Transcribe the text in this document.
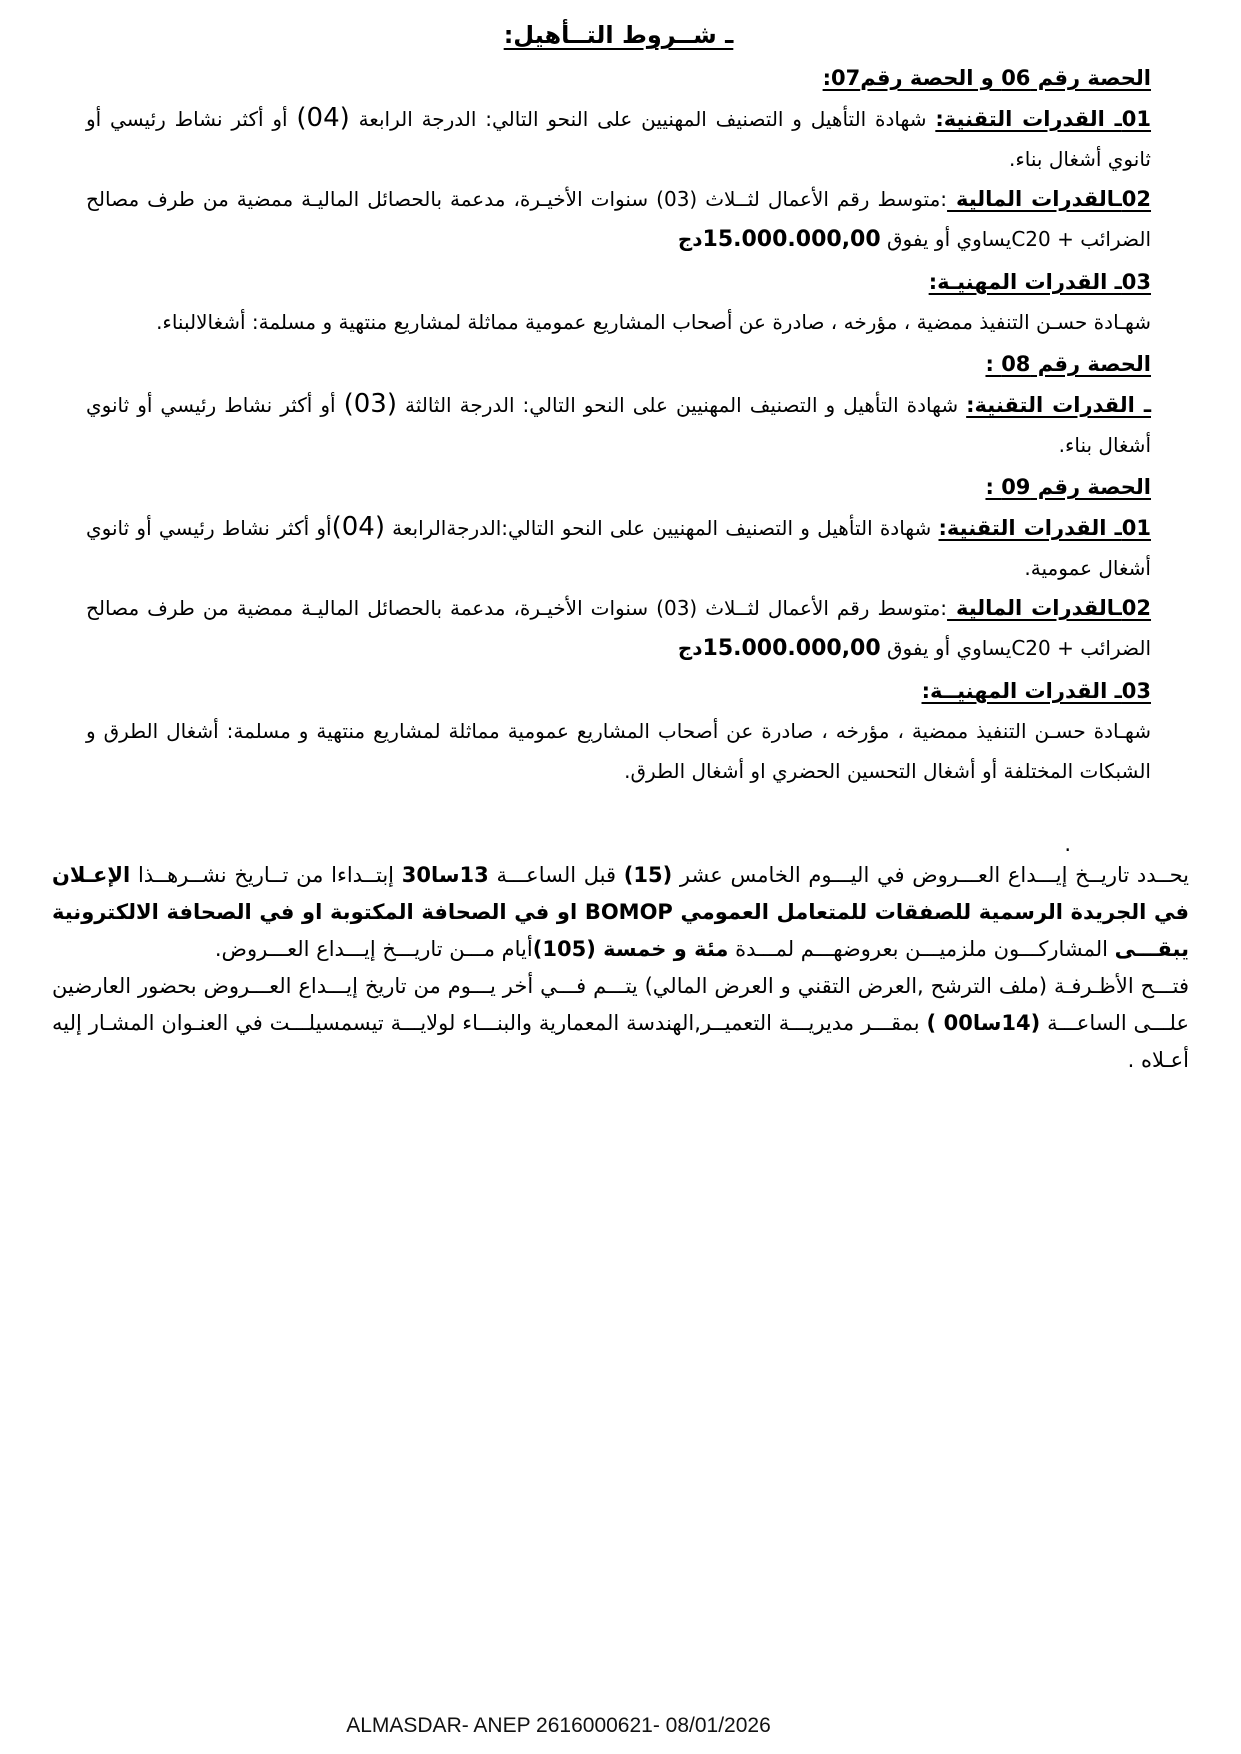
ـ شــروط التــأهيل:
الحصة رقم 06 و الحصة رقم07:
01ـ القدرات التقنية: شهادة التأهيل و التصنيف المهنيين على النحو التالي: الدرجة الرابعة (04) أو أكثر نشاط رئيسي أو ثانوي أشغال بناء.
02ـالقدرات المالية :متوسط رقم الأعمال لثــلاث (03) سنوات الأخيـرة، مدعمة بالحصائل الماليـة ممضية من طرف مصالح الضرائب + C20يساوي أو يفوق 15.000.000,00دج
03ـ القدرات المهنيـة:
شهـادة حسـن التنفيذ ممضية ، مؤرخه ، صادرة عن أصحاب المشاريع عمومية مماثلة لمشاريع منتهية و مسلمة: أشغالالبناء.
الحصة رقم 08 :
ـ القدرات التقنية: شهادة التأهيل و التصنيف المهنيين على النحو التالي: الدرجة الثالثة (03) أو أكثر نشاط رئيسي أو ثانوي أشغال بناء.
الحصة رقم 09 :
01ـ القدرات التقنية: شهادة التأهيل و التصنيف المهنيين على النحو التالي:الدرجةالرابعة (04)أو أكثر نشاط رئيسي أو ثانوي أشغال عمومية.
02ـالقدرات المالية :متوسط رقم الأعمال لثــلاث (03) سنوات الأخيـرة، مدعمة بالحصائل الماليـة ممضية من طرف مصالح الضرائب + C20يساوي أو يفوق 15.000.000,00دج
03ـ القدرات المهنيــة:
شهـادة حسـن التنفيذ ممضية ، مؤرخه ، صادرة عن أصحاب المشاريع عمومية مماثلة لمشاريع منتهية و مسلمة: أشغال الطرق و الشبكات المختلفة أو أشغال التحسين الحضري او أشغال الطرق.
.

يحــدد تاريــخ إيـــداع العـــروض في اليـــوم الخامس عشر (15) قبل الساعـــة 13سا30 إبتــداءا من تــاريخ نشــرهــذا الإعـلان في الجريدة الرسمية للصفقات للمتعامل العمومي BOMOP او في الصحافة المكتوبة او في الصحافة الالكترونية يبقـــى المشاركـــون ملزميـــن بعروضهـــم لمـــدة مئة و خمسة (105)أيام مـــن تاريـــخ إيـــداع العـــروض.

فتـــح الأظـرفـة (ملف الترشح ,العرض التقني و العرض المالي) يتـــم فـــي أخر يـــوم من تاريخ إيـــداع العـــروض بحضور العارضين علـــى الساعـــة (14سا00 ) بمقـــر مديريـــة التعميــر,الهندسة المعمارية والبنـــاء لولايـــة تيسمسيلـــت في العنـوان المشـار إليه أعـلاه .

ALMASDAR- ANEP 2616000621- 08/01/2026
